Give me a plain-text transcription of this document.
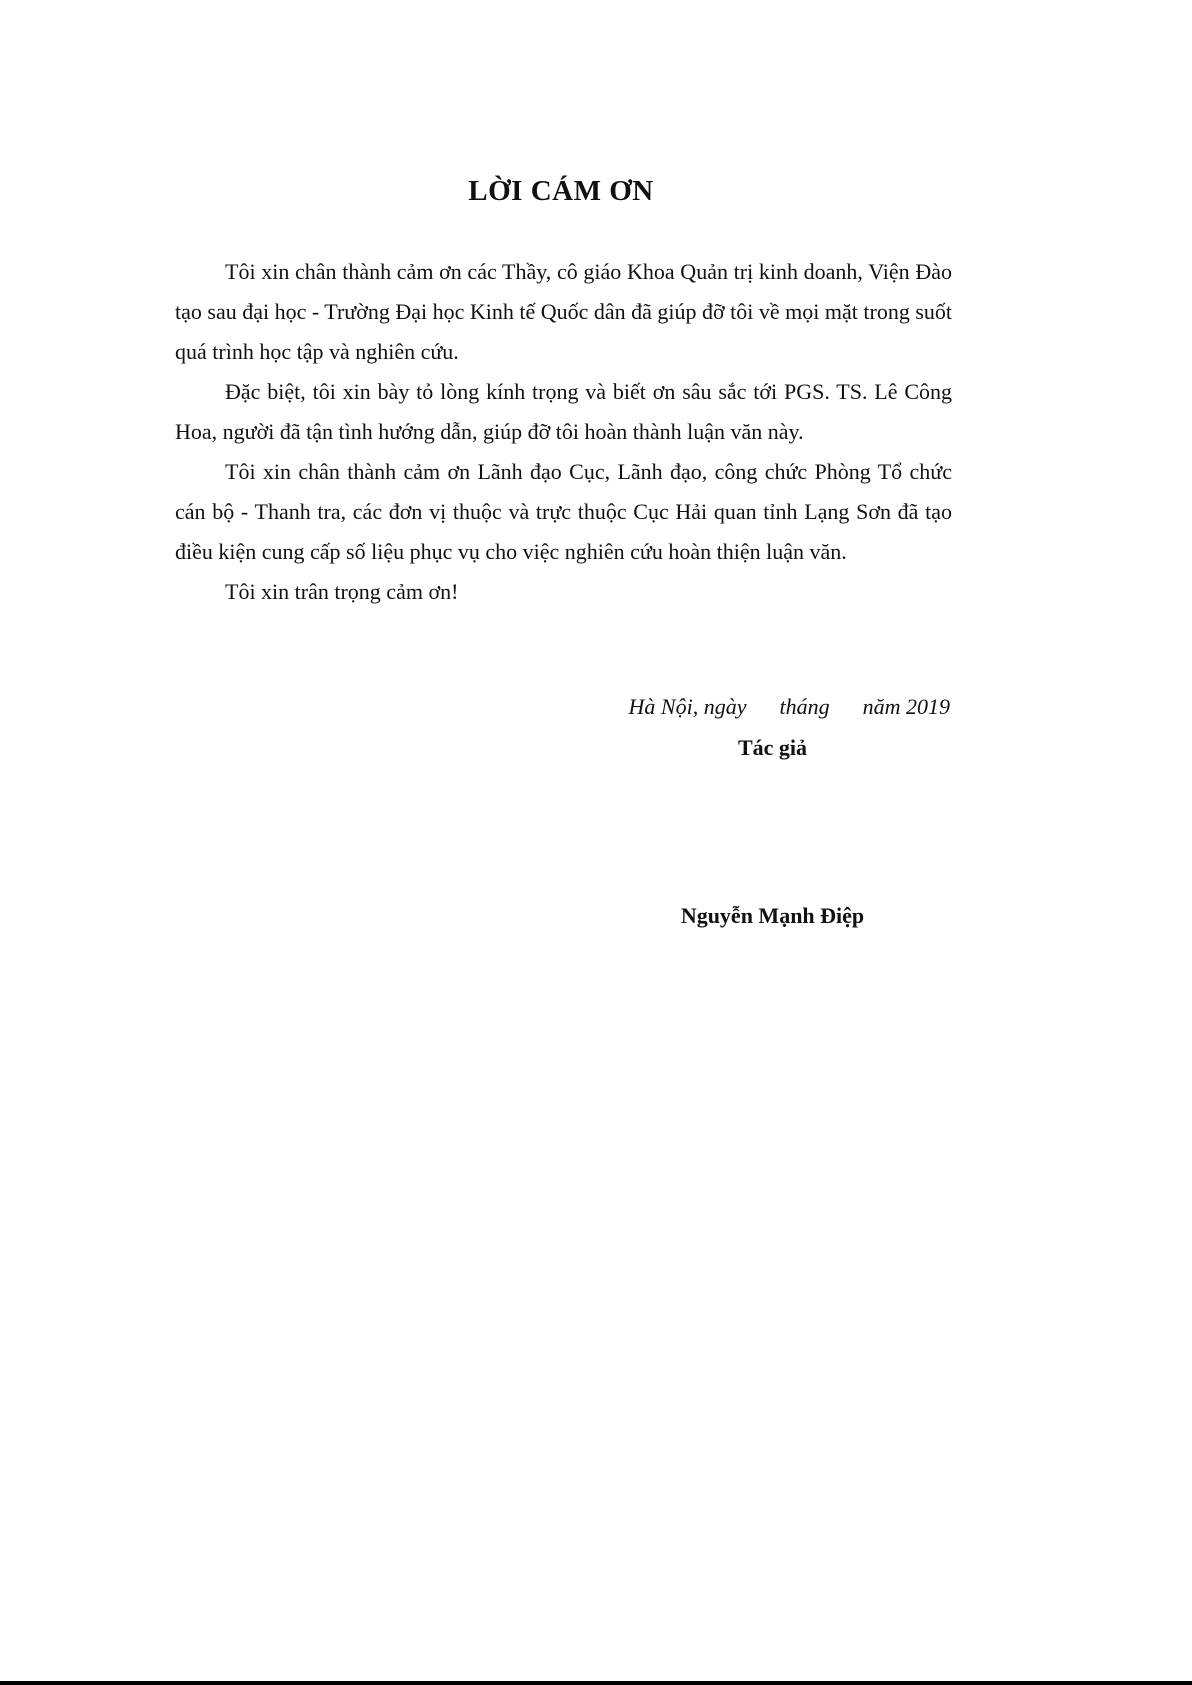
LỜI CÁM ƠN

Tôi xin chân thành cảm ơn các Thầy, cô giáo Khoa Quản trị kinh doanh, Viện Đào tạo sau đại học - Trường Đại học Kinh tế Quốc dân đã giúp đỡ tôi về mọi mặt trong suốt quá trình học tập và nghiên cứu.

Đặc biệt, tôi xin bày tỏ lòng kính trọng và biết ơn sâu sắc tới PGS. TS. Lê Công Hoa, người đã tận tình hướng dẫn, giúp đỡ tôi hoàn thành luận văn này.

Tôi xin chân thành cảm ơn Lãnh đạo Cục, Lãnh đạo, công chức Phòng Tổ chức cán bộ - Thanh tra, các đơn vị thuộc và trực thuộc Cục Hải quan tỉnh Lạng Sơn đã tạo điều kiện cung cấp số liệu phục vụ cho việc nghiên cứu hoàn thiện luận văn.

Tôi xin trân trọng cảm ơn!

Hà Nội, ngày      tháng      năm 2019
Tác giả
Nguyễn Mạnh Điệp
